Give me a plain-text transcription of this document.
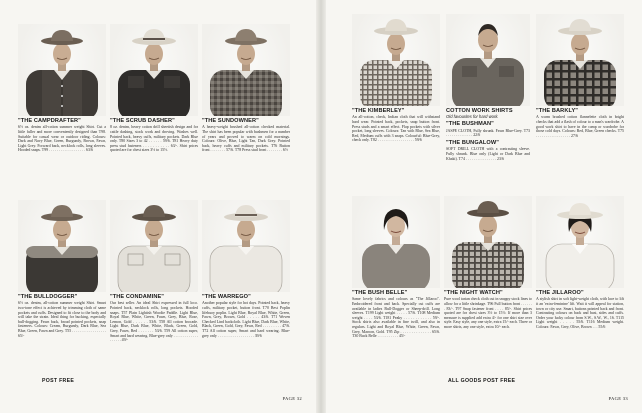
"THE CAMPDRAFTER"
6½ oz. denim all-cotton summer weight Shirt. Cut a little fuller and more conveniently designed than T98. Suitable for casual wear or outdoor riding. Colours: Dark and Navy Blue, Green, Burgundy, Brown, Fawn, Light Grey. Forward back, necklock rolls, long sleeves. Hooded snaps. T99 . . . . . . . . . . . . . . . . . . . 63/6
"THE SCRUB DASHER"
8 oz. denim, heavy cotton drill sheetish design and for cattle dashing, stock work and droving. Washes well. Pointed back, heavy cuffs, military pockets. Dark Blue only. T80 Sizes 3 to 42 . . . . . . 59/6. T81 Heavy duty press stud fasteners . . . . . . . . . . . 63/-. Shirt prices quoted are for chest sizes 3½ to 15½.
"THE SUNDOWNER"
A heavy-weight brushed all-cotton checked material. The shirt has been popular with bushmen for a number of years and proved to warm on cold mornings. Colours: Olive, Blue, Light Tan, Dark Grey. Pointed back, heavy cuffs and military pockets. T76 Button front . . . . . . . . 57/6. T78 Press stud front . . . . . . . . 6½
"THE BULLDOGGER"
6½ oz. denim, all-cotton summer weight Shirt. Smart two-tone effect is achieved by trimming cloth of same pockets and cuffs. Designed to fit close to the body and will take the strain. Ideal thing for bucking, especially bull-dogging. Fawn back, broad pointed pockets, snap fasteners. Colours: Cream, Burgundy, Dark Blue, Sea Blue, Green, Fawn and Grey. T55 . . . . . . . . . . . . . . . . . 65/-
"THE CONDAMINE"
Our best seller. An ideal Shirt expressed in full loco. Pointed back, necklock rolls, long pockets. Hooded snaps. T57 Plain Lightish Woodie Paddle. Light Blue, Royal Blue, White, Green, Fawn, Grey, Blue, Rose, Lemon, Gold . . . . . . 53/6. T58 All cotton brocade. Light Blue, Dark Blue, White, Black, Green, Gold, Grey, Fawn, Red . . . . . . . 53/6. T59 All cotton super, Smart and hard wearing. Blue-grey only . . . . . . . . . . . . . . . . . . . 49/-
"THE WARREGO"
Another popular style for hot days. Pointed back, heavy cuffs, military pocket, button front. T70 Best Poplin lifebuoy poplin. Light Blue, Royal Blue, White, Green, Fawn, Grey, Brown, Gold . . . . . 43/6. T71 Woven Checked Lind backcloth. Light Blue, Dark Blue, White, Black, Green, Gold, Grey, Fawn, Red . . . . . . . . . 47/6. T72 All cotton super, Smart and hard wearing. Blue-grey only . . . . . . . . . . . . . . . . . . . 39/6
POST FREE
PAGE 32
"THE KIMBERLEY"
An all-cotton, check, Indian cloth that will withstand hard wear. Pointed back, pockets, snap button front. Press studs and a smart effect. Flap pockets with silver pocket, long sleeves. Colours: Tan with Blue, Sea Blue, Red, Medium cuffs with 3 snaps. Colourful: Blue-Grey, check only. T82 . . . . . . . . . . . . . . . . . . . 59/6
COTTON WORK SHIRTS
Old favourites for hard work.
"THE BUSHMAN"
JASPE CLOTH, Fully shrunk. Fawn Blue-Grey. T73 . . . . . . . . . . . . . . 22/6
"THE BUNGALOW"
SOFT DRILL CLOTH with a contrasting sleeve. Fully shrunk. Blue only (Light or Dark Blue and Khaki). T74 . . . . . . . . . . . . . . . . 23/6
"THE BARKLY"
A warm brushed cotton flannelette cloth in bright checks that add a flash of colour to a man's wardrobe. A good work shirt to have in the camp or wardrobe for those cold days. Colours: Red, Blue, Green checks. T75 . . . . . . . . . . . . . . . . . . 27/6
"THE BUSH BELLE"
Same lovely fabrics and colours as "The Jillaroo". Embroidered front and back. Specially cut cuffs are available in ladies Bull-Dogger or Sheep-drill. Long sleeves. T199 Light weight . . . . . 57/6. T108 Medium weight . . . . 53/6. T181 Peaky . . . . . . . . . . . . 59/-. Stock shirts also available in fine twill, and also in regulars. Light and Royal Blue, White, Green, Fawn, Grey, Maroon, Gold. T95 Zip . . . . . . . . . . . . . . 65/6. T30 Buck Belle . . . . . . . . . . . 45/-
"THE NIGHT WATCH"
Pure wool tartan check cloth cut in snappy stock lines to allow for a little shrinkage. T96 Full button front . . . . . . . 83/-. T97 Snap fastener front . . . . 85/-. Shirt prices quoted are for chest sizes 3½ to 15½. If more than 3 measure is supplied add extra 4/- for one shirt size over style. Easy style, any one style, extra 15/- each. Three or more shirts, any one style, extra 10/- each.
"THE JILLAROO"
A stylish shirt in soft light-weight cloth, with lace to lift it an 'extra-feminine' lift. Wait it will appeal for station, town or city use. Smart, buttons pointed back and front. Contrasting colours on back and bust, sides and cuffs. Order your lucky colour from S.W., S.W., W., 16. T115 Light weight . . . . . 55/6. T116 Medium weight. Colours: Fawn, Grey, Olive, Brown . . . 55/6
ALL GOODS POST FREE
PAGE 33
